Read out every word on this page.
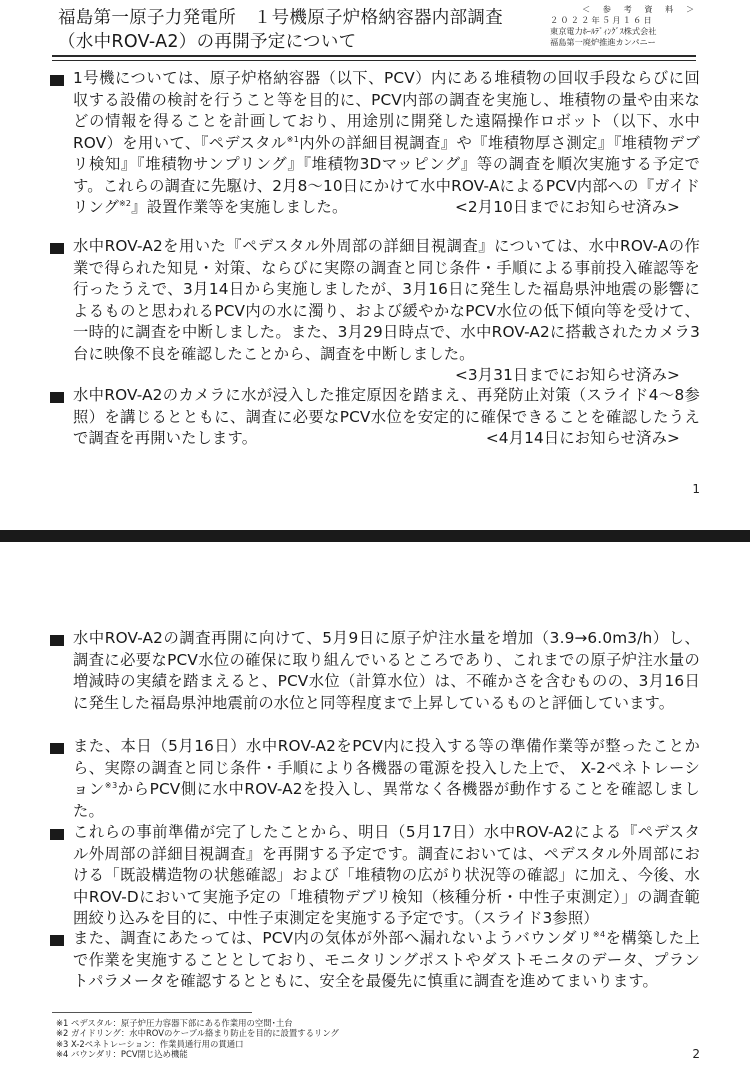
福島第一原子力発電所　１号機原子炉格納容器内部調査
（水中ROV-A2）の再開予定について
＜ 参 考 資 料 ＞
２０２２年５月１６日
東京電力ﾎｰﾙﾃﾞｨﾝｸﾞｽ株式会社
福島第一廃炉推進カンパニー
1号機については、原子炉格納容器（以下、PCV）内にある堆積物の回収手段ならびに回収する設備の検討を行うこと等を目的に、PCV内部の調査を実施し、堆積物の量や由来などの情報を得ることを計画しており、用途別に開発した遠隔操作ロボット（以下、水中ROV）を用いて、『ペデスタル$^{※1}$内外の詳細目視調査』や『堆積物厚さ測定』『堆積物デブリ検知』『堆積物サンプリング』『堆積物3Dマッピング』等の調査を順次実施する予定です。これらの調査に先駆け、2月8～10日にかけて水中ROV-AによるPCV内部への『ガイドリング$^{※2}$』設置作業等を実施しました。	<2月10日までにお知らせ済み>
水中ROV-A2を用いた『ペデスタル外周部の詳細目視調査』については、水中ROV-Aの作業で得られた知見・対策、ならびに実際の調査と同じ条件・手順による事前投入確認等を行ったうえで、3月14日から実施しましたが、3月16日に発生した福島県沖地震の影響によるものと思われるPCV内の水に濁り、および緩やかなPCV水位の低下傾向等を受けて、一時的に調査を中断しました。また、3月29日時点で、水中ROV-A2に搭載されたカメラ3台に映像不良を確認したことから、調査を中断しました。
<3月31日までにお知らせ済み>
水中ROV-A2のカメラに水が浸入した推定原因を踏まえ、再発防止対策（スライド4～8参照）を講じるとともに、調査に必要なPCV水位を安定的に確保できることを確認したうえで調査を再開いたします。	<4月14日にお知らせ済み>
1
水中ROV-A2の調査再開に向けて、5月9日に原子炉注水量を増加（3.9→6.0m3/h）し、調査に必要なPCV水位の確保に取り組んでいるところであり、これまでの原子炉注水量の増減時の実績を踏まえると、PCV水位（計算水位）は、不確かさを含むものの、3月16日に発生した福島県沖地震前の水位と同等程度まで上昇しているものと評価しています。
また、本日（5月16日）水中ROV-A2をPCV内に投入する等の準備作業等が整ったことから、実際の調査と同じ条件・手順により各機器の電源を投入した上で、 X-2ペネトレーション$^{※3}$からPCV側に水中ROV-A2を投入し、異常なく各機器が動作することを確認しました。
これらの事前準備が完了したことから、明日（5月17日）水中ROV-A2による『ペデスタル外周部の詳細目視調査』を再開する予定です。調査においては、ペデスタル外周部における「既設構造物の状態確認」および「堆積物の広がり状況等の確認」に加え、今後、水中ROV-Dにおいて実施予定の「堆積物デブリ検知（核種分析・中性子束測定）」の調査範囲絞り込みを目的に、中性子束測定を実施する予定です。（スライド3参照）
また、調査にあたっては、PCV内の気体が外部へ漏れないようバウンダリ$^{※4}$を構築した上で作業を実施することとしており、モニタリングポストやダストモニタのデータ、プラントパラメータを確認するとともに、安全を最優先に慎重に調査を進めてまいります。
※1 ペデスタル：原子炉圧力容器下部にある作業用の空間･土台
※2 ガイドリング：水中ROVのケーブル絡まり防止を目的に設置するリング
※3 X-2ペネトレーション：作業員通行用の貫通口
※4 バウンダリ：PCV閉じ込め機能	2
